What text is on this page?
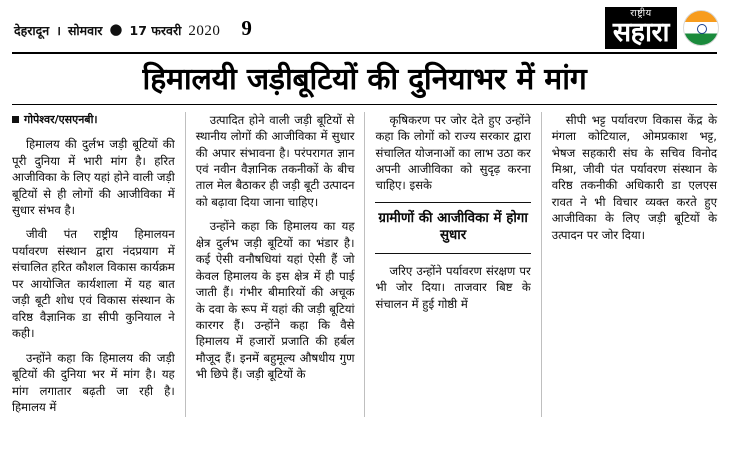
देहरादून । सोमवार ● 17 फरवरी 2020 9
राष्ट्रीय
सहारा
हिमालयी जड़ीबूटियों की दुनियाभर में मांग
गोपेश्वर/एसएनबी।

हिमालय की दुर्लभ जड़ी बूटियों की पूरी दुनिया में भारी मांग है। हरित आजीविका के लिए यहां होने वाली जड़ी बूटियों से ही लोगों की आजीविका में सुधार संभव है।

जीवी पंत राष्ट्रीय हिमालयन पर्यावरण संस्थान द्वारा नंदप्रयाग में संचालित हरित कौशल विकास कार्यक्रम पर आयोजित कार्यशाला में यह बात जड़ी बूटी शोध एवं विकास संस्थान के वरिष्ठ वैज्ञानिक डा सीपी कुनियाल ने कही।

उन्होंने कहा कि हिमालय की जड़ी बूटियों की दुनिया भर में मांग है। यह मांग लगातार बढ़ती जा रही है। हिमालय में

उत्पादित होने वाली जड़ी बूटियों से स्थानीय लोगों की आजीविका में सुधार की अपार संभावना है। परंपरागत ज्ञान एवं नवीन वैज्ञानिक तकनीकों के बीच ताल मेल बैठाकर ही जड़ी बूटी उत्पादन को बढ़ावा दिया जाना चाहिए।

उन्होंने कहा कि हिमालय का यह क्षेत्र दुर्लभ जड़ी बूटियों का भंडार है। कई ऐसी वनौषधियां यहां ऐसी हैं जो केवल हिमालय के इस क्षेत्र में ही पाई जाती हैं। गंभीर बीमारियों की अचूक के दवा के रूप में यहां की जड़ी बूटियां कारगर हैं। उन्होंने कहा कि वैसे हिमालय में हजारों प्रजाति की हर्बल मौजूद हैं। इनमें बहुमूल्य औषधीय गुण भी छिपे हैं। जड़ी बूटियों के

कृषिकरण पर जोर देते हुए उन्होंने कहा कि लोगों को राज्य सरकार द्वारा संचालित योजनाओं का लाभ उठा कर अपनी आजीविका को सुदृढ़ करना चाहिए। इसके

ग्रामीणों की आजीविका में होगा सुधार

जरिए उन्होंने पर्यावरण संरक्षण पर भी जोर दिया। ताजवार बिष्ट के संचालन में हुई गोष्ठी में

सीपी भट्ट पर्यावरण विकास केंद्र के मंगला कोटियाल, ओमप्रकाश भट्ट, भेषज सहकारी संघ के सचिव विनोद मिश्रा, जीवी पंत पर्यावरण संस्थान के वरिष्ठ तकनीकी अधिकारी डा एलएस रावत ने भी विचार व्यक्त करते हुए आजीविका के लिए जड़ी बूटियों के उत्पादन पर जोर दिया।
